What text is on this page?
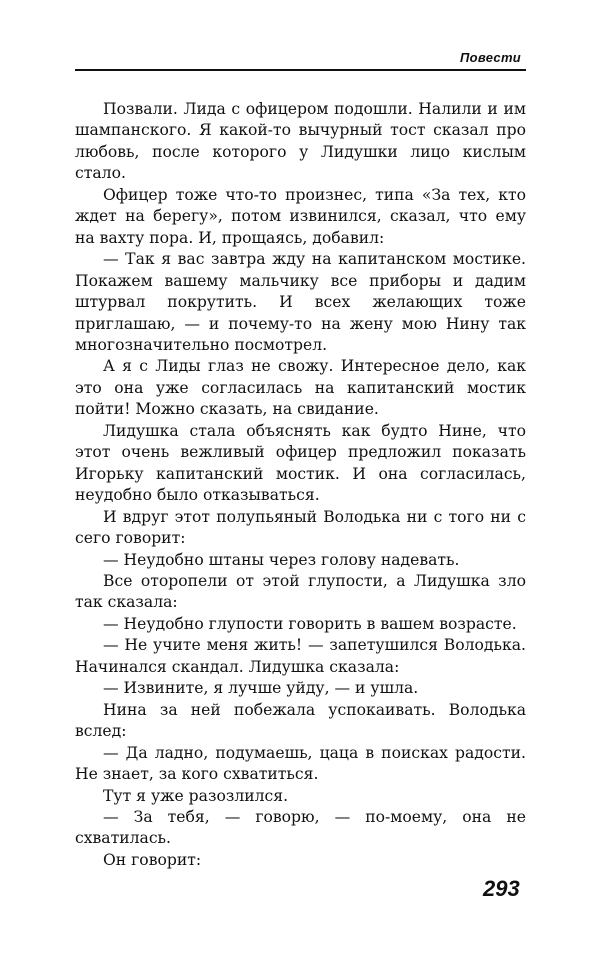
Повести

Позвали. Лида с офицером подошли. Налили и им шампанского. Я какой-то вычурный тост сказал про любовь, после которого у Лидушки лицо кислым стало.

Офицер тоже что-то произнес, типа «За тех, кто ждет на берегу», потом извинился, сказал, что ему на вахту пора. И, прощаясь, добавил:

— Так я вас завтра жду на капитанском мостике. Покажем вашему мальчику все приборы и дадим штурвал покрутить. И всех желающих тоже приглашаю, — и почему-то на жену мою Нину так многозначительно посмотрел.

А я с Лиды глаз не свожу. Интересное дело, как это она уже согласилась на капитанский мостик пойти! Можно сказать, на свидание.

Лидушка стала объяснять как будто Нине, что этот очень вежливый офицер предложил показать Игорьку капитанский мостик. И она согласилась, неудобно было отказываться.

И вдруг этот полупьяный Володька ни с того ни с сего говорит:

— Неудобно штаны через голову надевать.

Все оторопели от этой глупости, а Лидушка зло так сказала:

— Неудобно глупости говорить в вашем возрасте.

— Не учите меня жить! — запетушился Володька. Начинался скандал. Лидушка сказала:

— Извините, я лучше уйду, — и ушла.

Нина за ней побежала успокаивать. Володька вслед:

— Да ладно, подумаешь, цаца в поисках радости. Не знает, за кого схватиться.

Тут я уже разозлился.

— За тебя, — говорю, — по-моему, она не схватилась.

Он говорит:

293
